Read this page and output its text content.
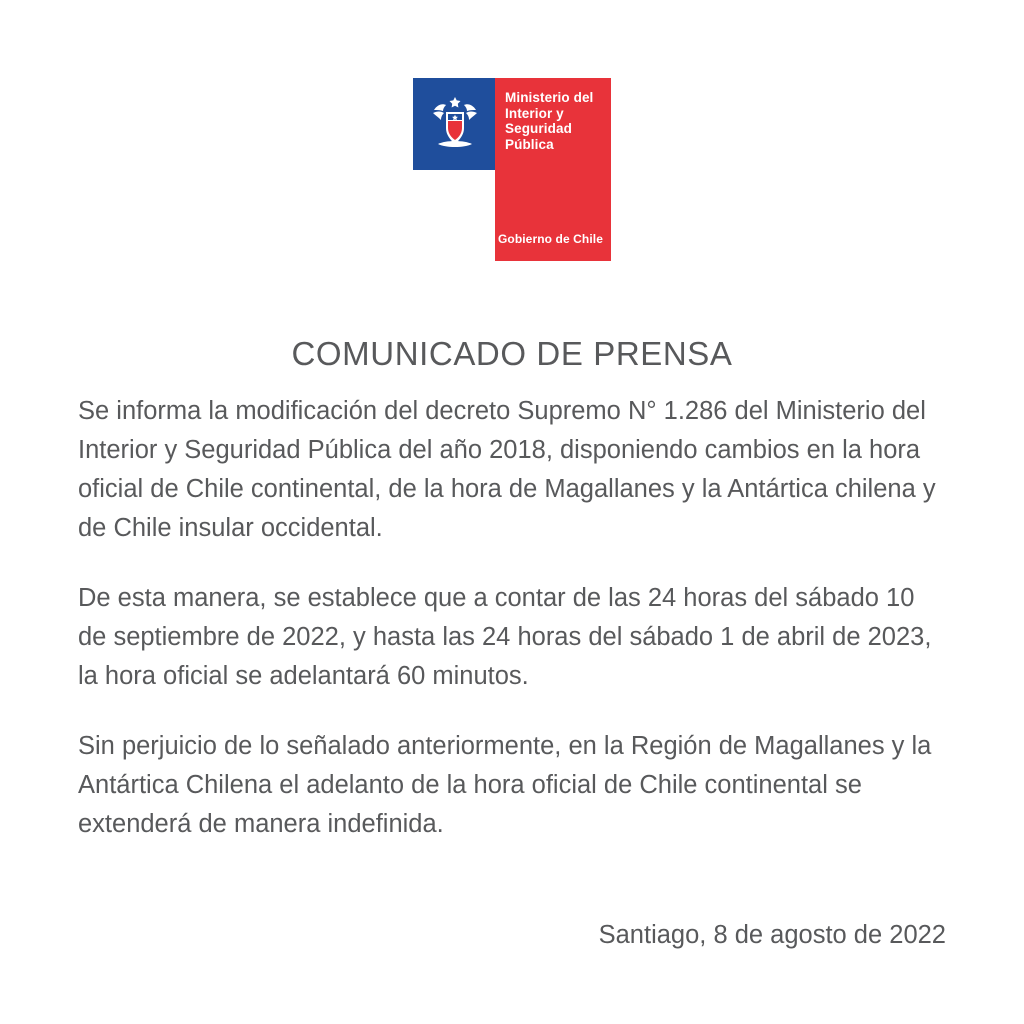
Ministerio del Interior y Seguridad Pública
Gobierno de Chile
COMUNICADO DE PRENSA

Se informa la modificación del decreto Supremo N° 1.286 del Ministerio del Interior y Seguridad Pública del año 2018, disponiendo cambios en la hora oficial de Chile continental, de la hora de Magallanes y la Antártica chilena y de Chile insular occidental.

De esta manera, se establece que a contar de las 24 horas del sábado 10 de septiembre de 2022, y hasta las 24 horas del sábado 1 de abril de 2023, la hora oficial se adelantará 60 minutos.

Sin perjuicio de lo señalado anteriormente, en la Región de Magallanes y la Antártica Chilena el adelanto de la hora oficial de Chile continental se extenderá de manera indefinida.

Santiago, 8 de agosto de 2022
